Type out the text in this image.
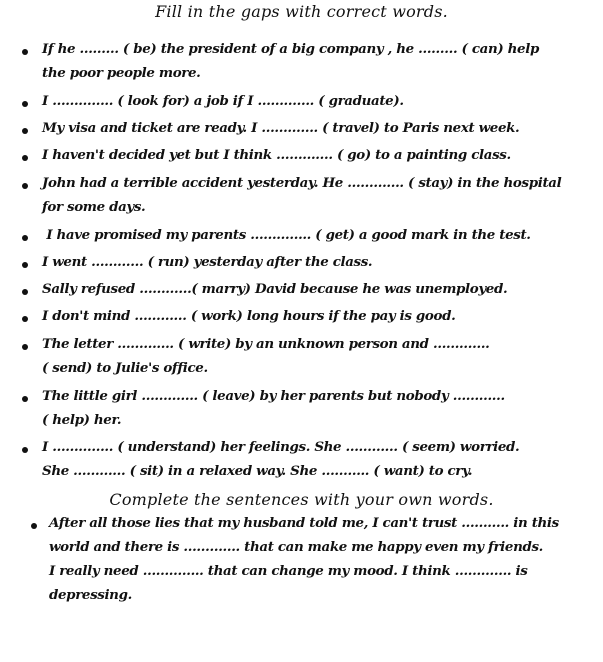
Fill in the gaps with correct words.
If he ……… ( be) the president of a big company , he ……… ( can) help
the poor people more.
I ………….. ( look for) a job if I …………. ( graduate).
My visa and ticket are ready. I …………. ( travel) to Paris next week.
I haven't decided yet but I think …………. ( go) to a painting class.
John had a terrible accident yesterday. He …………. ( stay) in the hospital
for some days.
I have promised my parents ………….. ( get) a good mark in the test.
I went ………… ( run) yesterday after the class.
Sally refused …………( marry) David because he was unemployed.
I don't mind ………… ( work) long hours if the pay is good.
The letter …………. ( write) by an unknown person and ………….
( send) to Julie's office.
The little girl …………. ( leave) by her parents but nobody …………
( help) her.
I ………….. ( understand) her feelings. She ………… ( seem) worried.
She ………… ( sit) in a relaxed way. She ……….. ( want) to cry.
Complete the sentences with your own words.
After all those lies that my husband told me, I can't trust ……….. in this
world and there is …………. that can make me happy even my friends.
I really need ………….. that can change my mood. I think …………. is
depressing.
